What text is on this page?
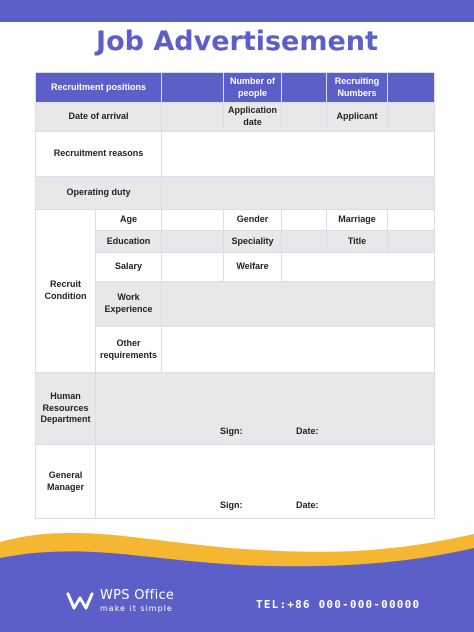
Job Advertisement
Recruitment positions			Number of people		Recruiting Numbers	
Date of arrival			Application date		Applicant	
Recruitment reasons						
Operating duty						
Recruit Condition	Age		Gender		Marriage	
	Education		Speciality		Title	
	Salary		Welfare			
	Work Experience					
	Other requirements					

Human Resources Department	Sign: Date:					

General Manager	Sign: Date:					
WPS Office
make it simple	TEL:+86 000-000-00000
